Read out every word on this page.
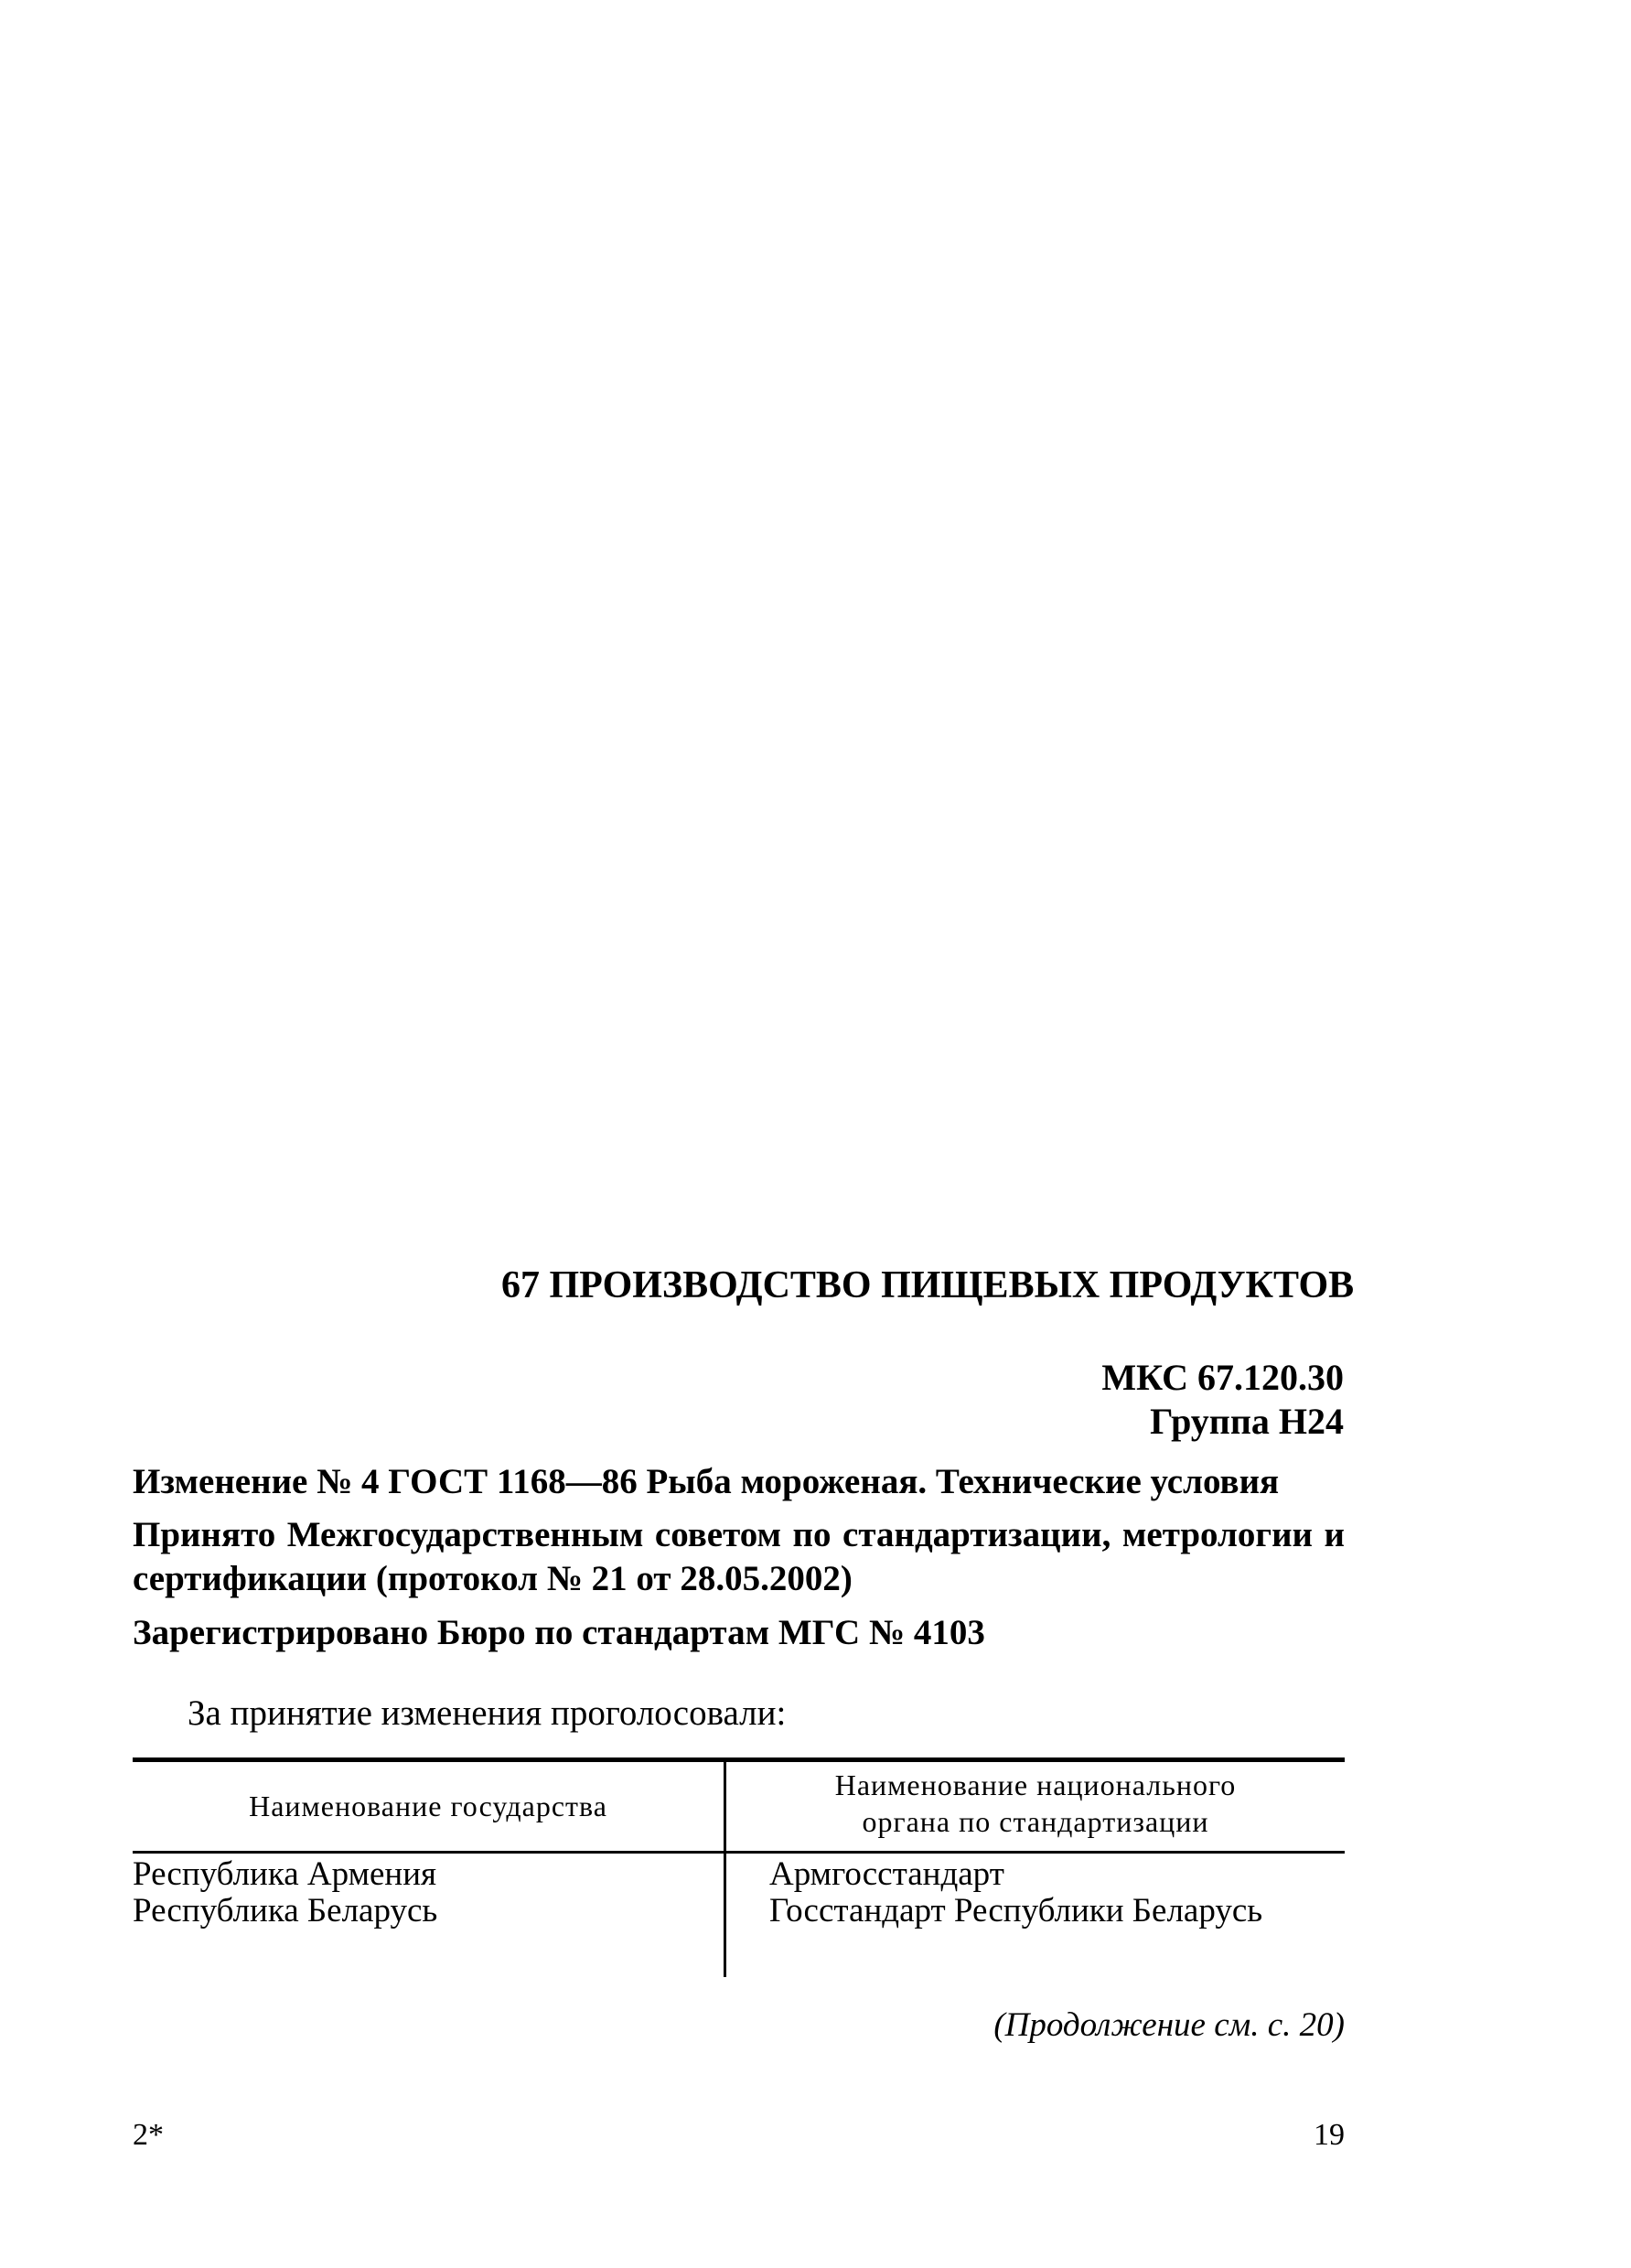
67 ПРОИЗВОДСТВО ПИЩЕВЫХ ПРОДУКТОВ
МКС 67.120.30
Группа Н24
Изменение № 4 ГОСТ 1168—86 Рыба мороженая. Технические условия
Принято Межгосударственным советом по стандартизации, метрологии и сертификации (протокол № 21 от 28.05.2002)
Зарегистрировано Бюро по стандартам МГС № 4103
За принятие изменения проголосовали:
Наименование государства
Наименование национального
органа по стандартизации
Республика Армения
Республика Беларусь
Армгосстандарт
Госстандарт Республики Беларусь
(Продолжение см. с. 20)
2*	19
